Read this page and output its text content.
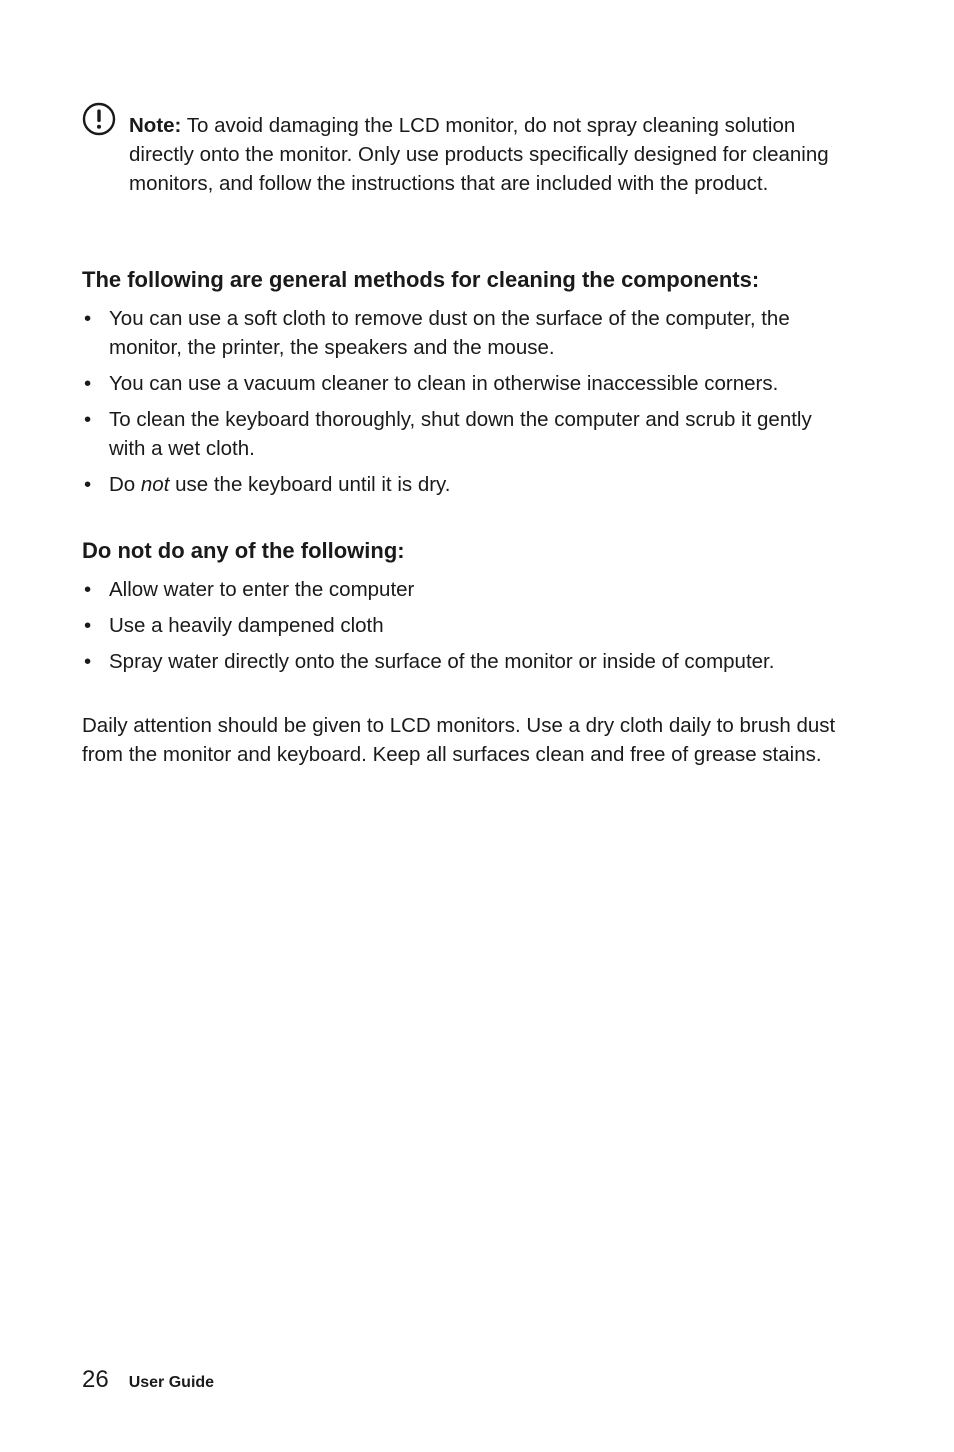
Note: To avoid damaging the LCD monitor, do not spray cleaning solution directly onto the monitor. Only use products specifically designed for cleaning monitors, and follow the instructions that are included with the product.
The following are general methods for cleaning the components:
• You can use a soft cloth to remove dust on the surface of the computer, the monitor, the printer, the speakers and the mouse.
• You can use a vacuum cleaner to clean in otherwise inaccessible corners.
• To clean the keyboard thoroughly, shut down the computer and scrub it gently with a wet cloth.
• Do not use the keyboard until it is dry.
Do not do any of the following:
• Allow water to enter the computer
• Use a heavily dampened cloth
• Spray water directly onto the surface of the monitor or inside of computer.

Daily attention should be given to LCD monitors. Use a dry cloth daily to brush dust from the monitor and keyboard. Keep all surfaces clean and free of grease stains.

26 User Guide
